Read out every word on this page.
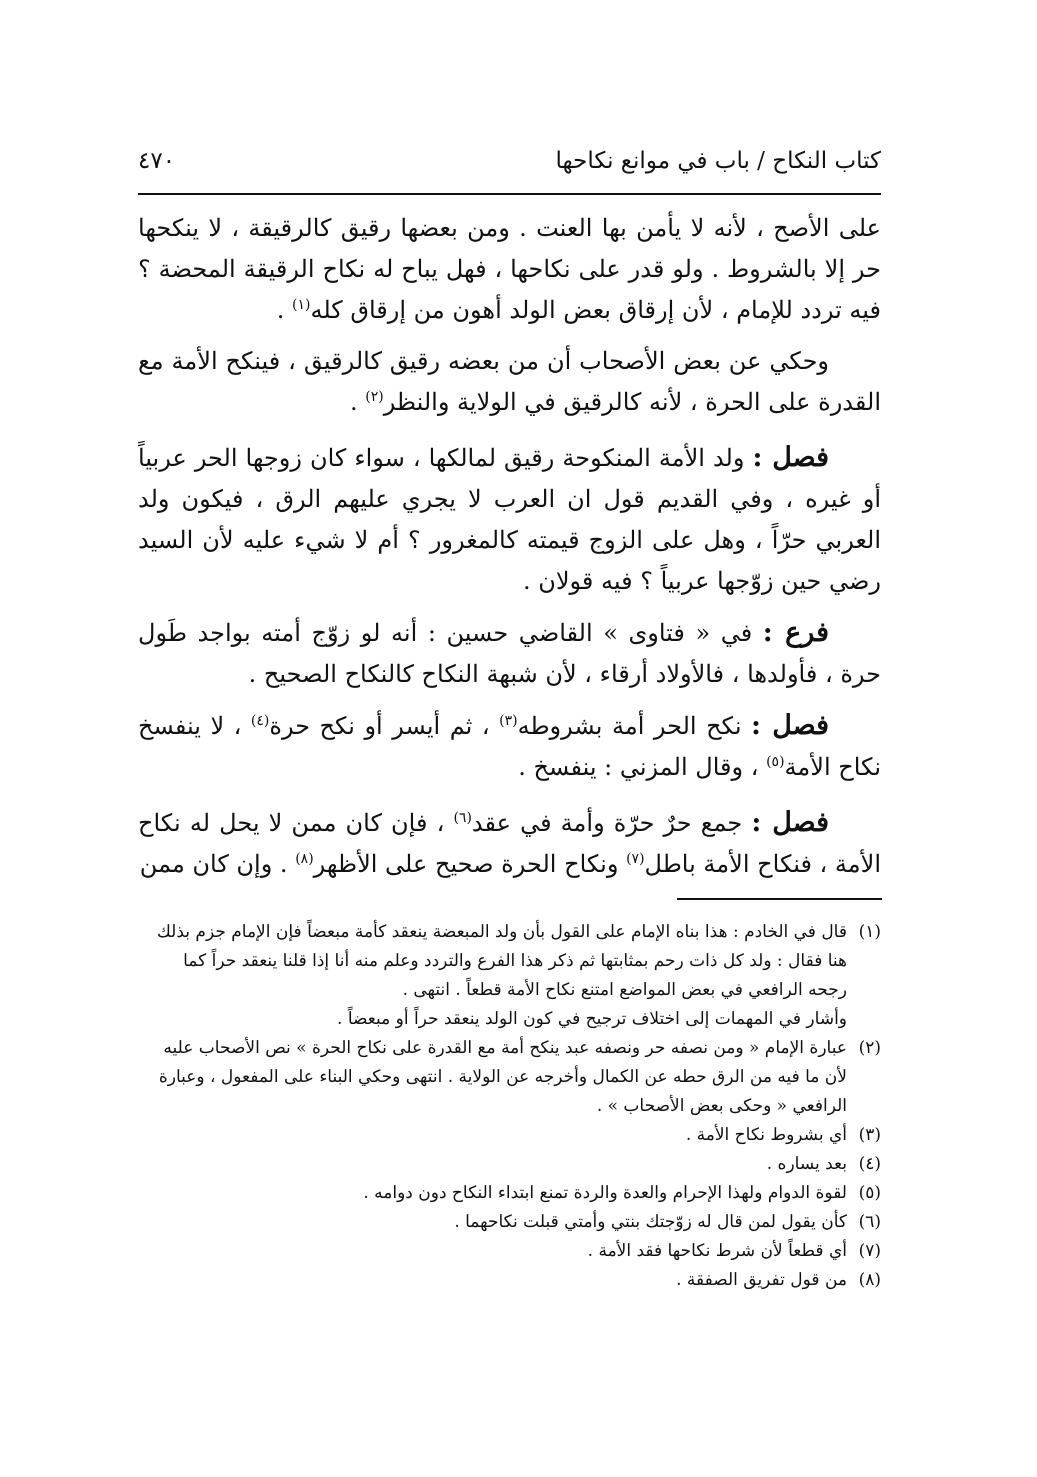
كتاب النكاح / باب في موانع نكاحها
٤٧٠

على الأصح ، لأنه لا يأمن بها العنت . ومن بعضها رقيق كالرقيقة ، لا ينكحها حر إلا بالشروط . ولو قدر على نكاحها ، فهل يباح له نكاح الرقيقة المحضة ؟ فيه تردد للإمام ، لأن إرقاق بعض الولد أهون من إرقاق كله$^{(١)}$ .

وحكي عن بعض الأصحاب أن من بعضه رقيق كالرقيق ، فينكح الأمة مع القدرة على الحرة ، لأنه كالرقيق في الولاية والنظر$^{(٢)}$ .

فصل : ولد الأمة المنكوحة رقيق لمالكها ، سواء كان زوجها الحر عربياً أو غيره ، وفي القديم قول ان العرب لا يجري عليهم الرق ، فيكون ولد العربي حرّاً ، وهل على الزوج قيمته كالمغرور ؟ أم لا شيء عليه لأن السيد رضي حين زوّجها عربياً ؟ فيه قولان .

فرع : في « فتاوى » القاضي حسين : أنه لو زوّج أمته بواجد طَول حرة ، فأولدها ، فالأولاد أرقاء ، لأن شبهة النكاح كالنكاح الصحيح .

فصل : نكح الحر أمة بشروطه$^{(٣)}$ ، ثم أيسر أو نكح حرة$^{(٤)}$ ، لا ينفسخ نكاح الأمة$^{(٥)}$ ، وقال المزني : ينفسخ .

فصل : جمع حرٌ حرّة وأمة في عقد$^{(٦)}$ ، فإن كان ممن لا يحل له نكاح الأمة ، فنكاح الأمة باطل$^{(٧)}$ ونكاح الحرة صحيح على الأظهر$^{(٨)}$ . وإن كان ممن

(١)
قال في الخادم : هذا بناه الإمام على القول بأن ولد المبعضة ينعقد كأمة مبعضاً فإن الإمام جزم بذلك
هنا فقال : ولد كل ذات رحم بمثابتها ثم ذكر هذا الفرع والتردد وعلم منه أنا إذا قلنا ينعقد حراً كما
رجحه الرافعي في بعض المواضع امتنع نكاح الأمة قطعاً . انتهى .
وأشار في المهمات إلى اختلاف ترجيح في كون الولد ينعقد حراً أو مبعضاً .
(٢)
عبارة الإمام « ومن نصفه حر ونصفه عبد ينكح أمة مع القدرة على نكاح الحرة » نص الأصحاب عليه
لأن ما فيه من الرق حطه عن الكمال وأخرجه عن الولاية . انتهى وحكي البناء على المفعول ، وعبارة
الرافعي « وحكى بعض الأصحاب » .
(٣)
أي بشروط نكاح الأمة .
(٤)
بعد يساره .
(٥)
لقوة الدوام ولهذا الإحرام والعدة والردة تمنع ابتداء النكاح دون دوامه .
(٦)
كأن يقول لمن قال له زوّجتك بنتي وأمتي قبلت نكاحهما .
(٧)
أي قطعاً لأن شرط نكاحها فقد الأمة .
(٨)
من قول تفريق الصفقة .
